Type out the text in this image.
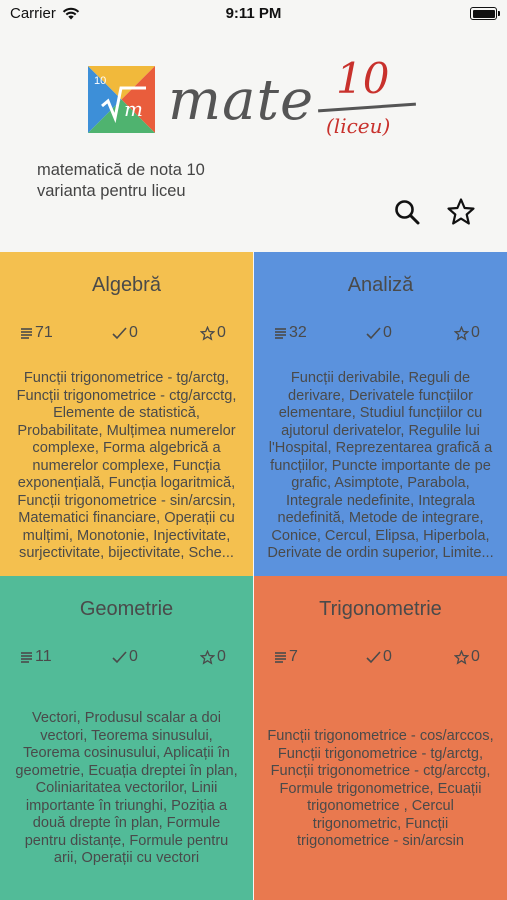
Carrier	9:11 PM
10
m mate 10
(liceu)
matematică de nota 10
varianta pentru liceu
Algebră
71	0	0
Funcții trigonometrice - tg/arctg, Funcții trigonometrice - ctg/arcctg, Elemente de statistică, Probabilitate, Mulțimea numerelor complexe, Forma algebrică a numerelor complexe, Funcția exponențială, Funcția logaritmică, Funcții trigonometrice - sin/arcsin, Matematici financiare, Operații cu mulțimi, Monotonie, Injectivitate, surjectivitate, bijectivitate, Sche...
Analiză
32	0	0
Funcții derivabile, Reguli de derivare, Derivatele funcțiilor elementare, Studiul funcțiilor cu ajutorul derivatelor, Regulile lui l'Hospital, Reprezentarea grafică a funcțiilor, Puncte importante de pe grafic, Asimptote, Parabola, Integrale nedefinite, Integrala nedefinită, Metode de integrare, Conice, Cercul, Elipsa, Hiperbola, Derivate de ordin superior, Limite...
Geometrie
11	0	0
Vectori, Produsul scalar a doi vectori, Teorema sinusului, Teorema cosinusului, Aplicații în geometrie, Ecuația dreptei în plan, Coliniaritatea vectorilor, Linii importante în triunghi, Poziția a două drepte în plan, Formule pentru distanțe, Formule pentru arii, Operații cu vectori
Trigonometrie
7	0	0
Funcții trigonometrice - cos/arccos, Funcții trigonometrice - tg/arctg, Funcții trigonometrice - ctg/arcctg, Formule trigonometrice, Ecuații trigonometrice , Cercul trigonometric, Funcții trigonometrice - sin/arcsin
